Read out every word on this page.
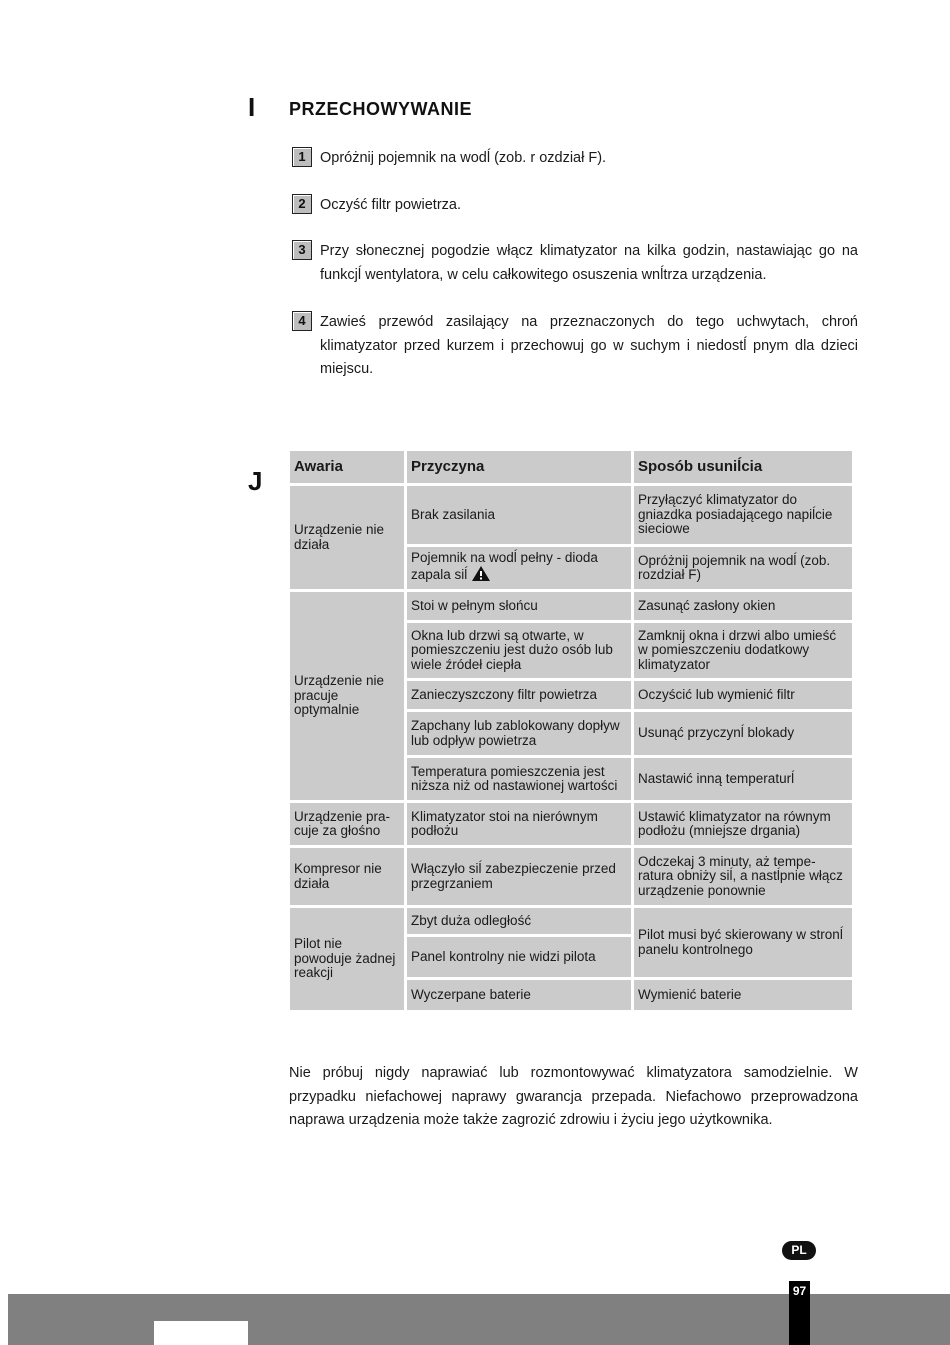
I PRZECHOWYWANIE
1 Opróżnij pojemnik na wodĺ (zob. r ozdział F).
2 Oczyść filtr powietrza.
3 Przy słonecznej pogodzie włącz klimatyzator na kilka godzin, nastawiając go na funkcjĺ wentylatora, w celu całkowitego osuszenia wnĺtrza urządzenia.
4 Zawieś przewód zasilający na przeznaczonych do tego uchwytach, chroń klimatyzator przed kurzem i przechowuj go w suchym i niedostĺ pnym dla dzieci miejscu.
J Awaria	Przyczyna	Sposób usuniĺcia
Urządzenie nie działa	Brak zasilania	Przyłączyć klimatyzator do gniazdka posiadającego napiĺcie sieciowe
	Pojemnik na wodĺ pełny - dioda zapala siĺ	Opróżnij pojemnik na wodĺ (zob. rozdział F)
Urządzenie nie pracuje optymalnie	Stoi w pełnym słońcu	Zasunąć zasłony okien
	Okna lub drzwi są otwarte, w pomieszczeniu jest dużo osób lub wiele źródeł ciepła	Zamknij okna i drzwi albo umieść w pomieszczeniu dodatkowy klimatyzator
	Zanieczyszczony filtr powietrza	Oczyścić lub wymienić filtr
	Zapchany lub zablokowany dopływ lub odpływ powietrza	Usunąć przyczynĺ blokady
	Temperatura pomieszczenia jest niższa niż od nastawionej wartości	Nastawić inną temperaturĺ
Urządzenie pra-cuje za głośno	Klimatyzator stoi na nierównym podłożu	Ustawić klimatyzator na równym podłożu (mniejsze drgania)
Kompresor nie działa	Włączyło siĺ zabezpieczenie przed przegrzaniem	Odczekaj 3 minuty, aż tempe-ratura obniży siĺ, a nastĺpnie włącz urządzenie ponownie
Pilot nie powoduje żadnej reakcji	Zbyt duża odległość	Pilot musi być skierowany w stronĺ panelu kontrolnego
	Panel kontrolny nie widzi pilota	
	Wyczerpane baterie	Wymienić baterie
Nie próbuj nigdy naprawiać lub rozmontowywać klimatyzatora samodzielnie. W przypadku niefachowej naprawy gwarancja przepada. Niefachowo przeprowadzona naprawa urządzenia może także zagrozić zdrowiu i życiu jego użytkownika.
PL
97
